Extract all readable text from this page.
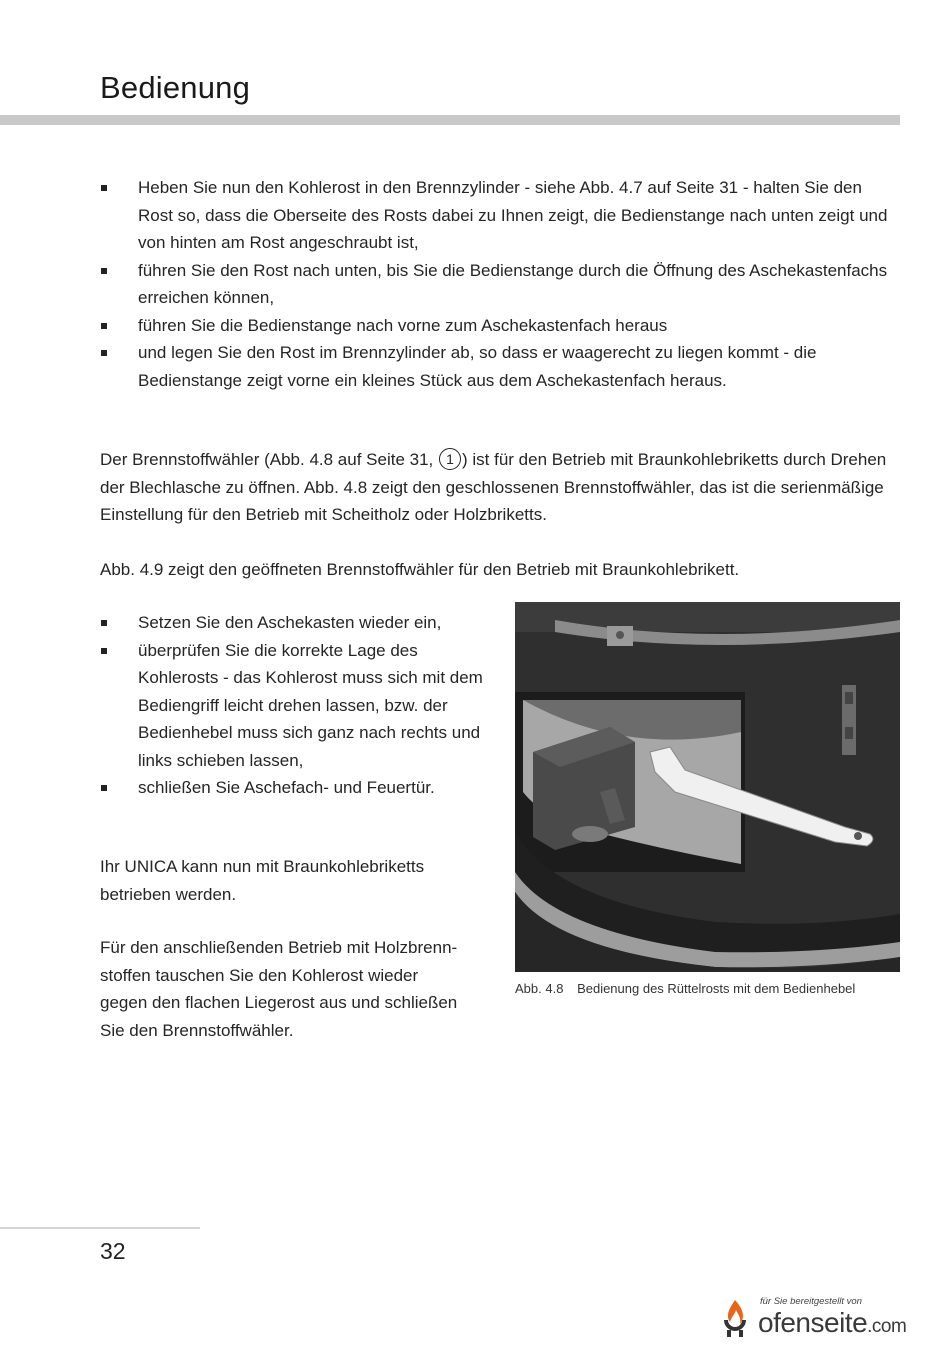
Bedienung
Heben Sie nun den Kohlerost in den Brennzylinder - siehe Abb. 4.7 auf Seite 31 - halten Sie den Rost so, dass die Oberseite des Rosts dabei zu Ihnen zeigt, die Bedienstange nach unten zeigt und von hinten am Rost angeschraubt ist,
führen Sie den Rost nach unten, bis Sie die Bedienstange durch die Öffnung des Aschekastenfachs erreichen können,
führen Sie die Bedienstange nach vorne zum Aschekastenfach heraus
und legen Sie den Rost im Brennzylinder ab, so dass er waagerecht zu liegen kommt - die Bedienstange zeigt vorne ein kleines Stück aus dem Aschekastenfach heraus.

Der Brennstoffwähler (Abb. 4.8 auf Seite 31, 1 ) ist für den Betrieb mit Braunkohlebriketts durch Drehen der Blechlasche zu öffnen. Abb. 4.8 zeigt den geschlossenen Brennstoffwähler, das ist die serienmäßige Einstellung für den Betrieb mit Scheitholz oder Holzbriketts.

Abb. 4.9 zeigt den geöffneten Brennstoffwähler für den Betrieb mit Braunkohlebrikett.

Setzen Sie den Aschekasten wieder ein,
überprüfen Sie die korrekte Lage des Kohlerosts - das Kohlerost muss sich mit dem Bediengriff leicht drehen lassen, bzw. der Bedienhebel muss sich ganz nach rechts und links schieben lassen,
schließen Sie Aschefach- und Feuertür.

Ihr UNICA kann nun mit Braunkohlebriketts betrieben werden.

Für den anschließenden Betrieb mit Holzbrenn-stoffen tauschen Sie den Kohlerost wieder gegen den flachen Liegerost aus und schließen Sie den Brennstoffwähler.

Abb. 4.8 Bedienung des Rüttelrosts mit dem Bedienhebel
32
für Sie bereitgestellt von
ofenseite.com
